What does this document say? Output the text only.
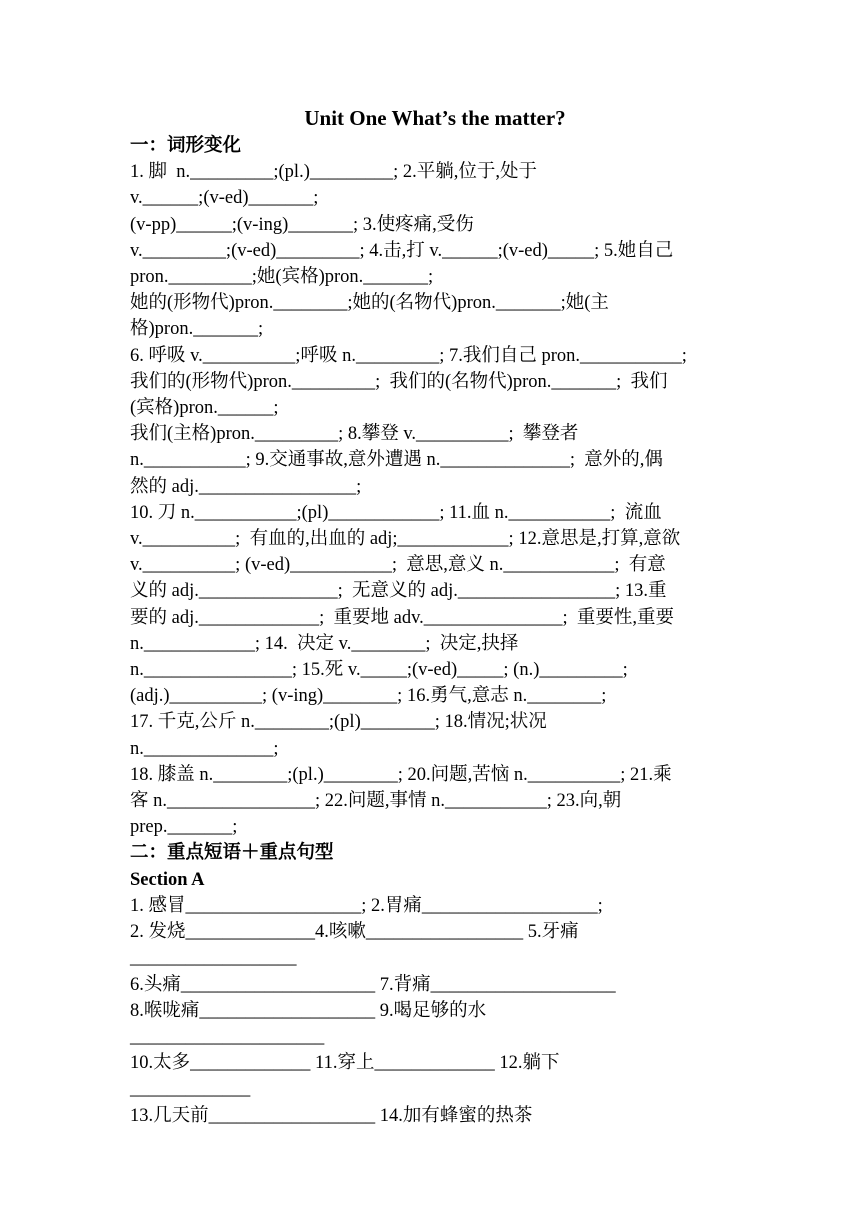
Unit One What’s the matter?
一：词形变化
1. 脚  n._________;(pl.)_________; 2.平躺,位于,处于
v.______;(v-ed)_______;
(v-pp)______;(v-ing)_______; 3.使疼痛,受伤
v._________;(v-ed)_________; 4.击,打 v.______;(v-ed)_____; 5.她自己
pron._________;她(宾格)pron._______;
她的(形物代)pron.________;她的(名物代)pron._______;她(主
格)pron._______;
6. 呼吸 v.__________;呼吸 n._________; 7.我们自己 pron.___________;
我们的(形物代)pron._________;  我们的(名物代)pron._______;  我们
(宾格)pron.______;
我们(主格)pron._________; 8.攀登 v.__________;  攀登者
n.___________; 9.交通事故,意外遭遇 n.______________;  意外的,偶
然的 adj._________________;
10. 刀 n.___________;(pl)____________; 11.血 n.___________;  流血
v.__________;  有血的,出血的 adj;____________; 12.意思是,打算,意欲
v.__________; (v-ed)___________;  意思,意义 n.____________;  有意
义的 adj._______________;  无意义的 adj._________________; 13.重
要的 adj._____________;  重要地 adv._______________;  重要性,重要
n.____________; 14.  决定 v.________;  决定,抉择
n.________________; 15.死 v._____;(v-ed)_____; (n.)_________;
(adj.)__________; (v-ing)________; 16.勇气,意志 n.________;
17. 千克,公斤 n.________;(pl)________; 18.情况;状况
n.______________;
18. 膝盖 n.________;(pl.)________; 20.问题,苦恼 n.__________; 21.乘
客 n.________________; 22.问题,事情 n.___________; 23.向,朝
prep._______;
二：重点短语＋重点句型
Section A
1. 感冒___________________; 2.胃痛___________________;
2. 发烧______________4.咳嗽_________________ 5.牙痛
__________________
6.头痛_____________________ 7.背痛____________________
8.喉咙痛___________________ 9.喝足够的水
_____________________
10.太多_____________ 11.穿上_____________ 12.躺下
_____________
13.几天前__________________ 14.加有蜂蜜的热茶
